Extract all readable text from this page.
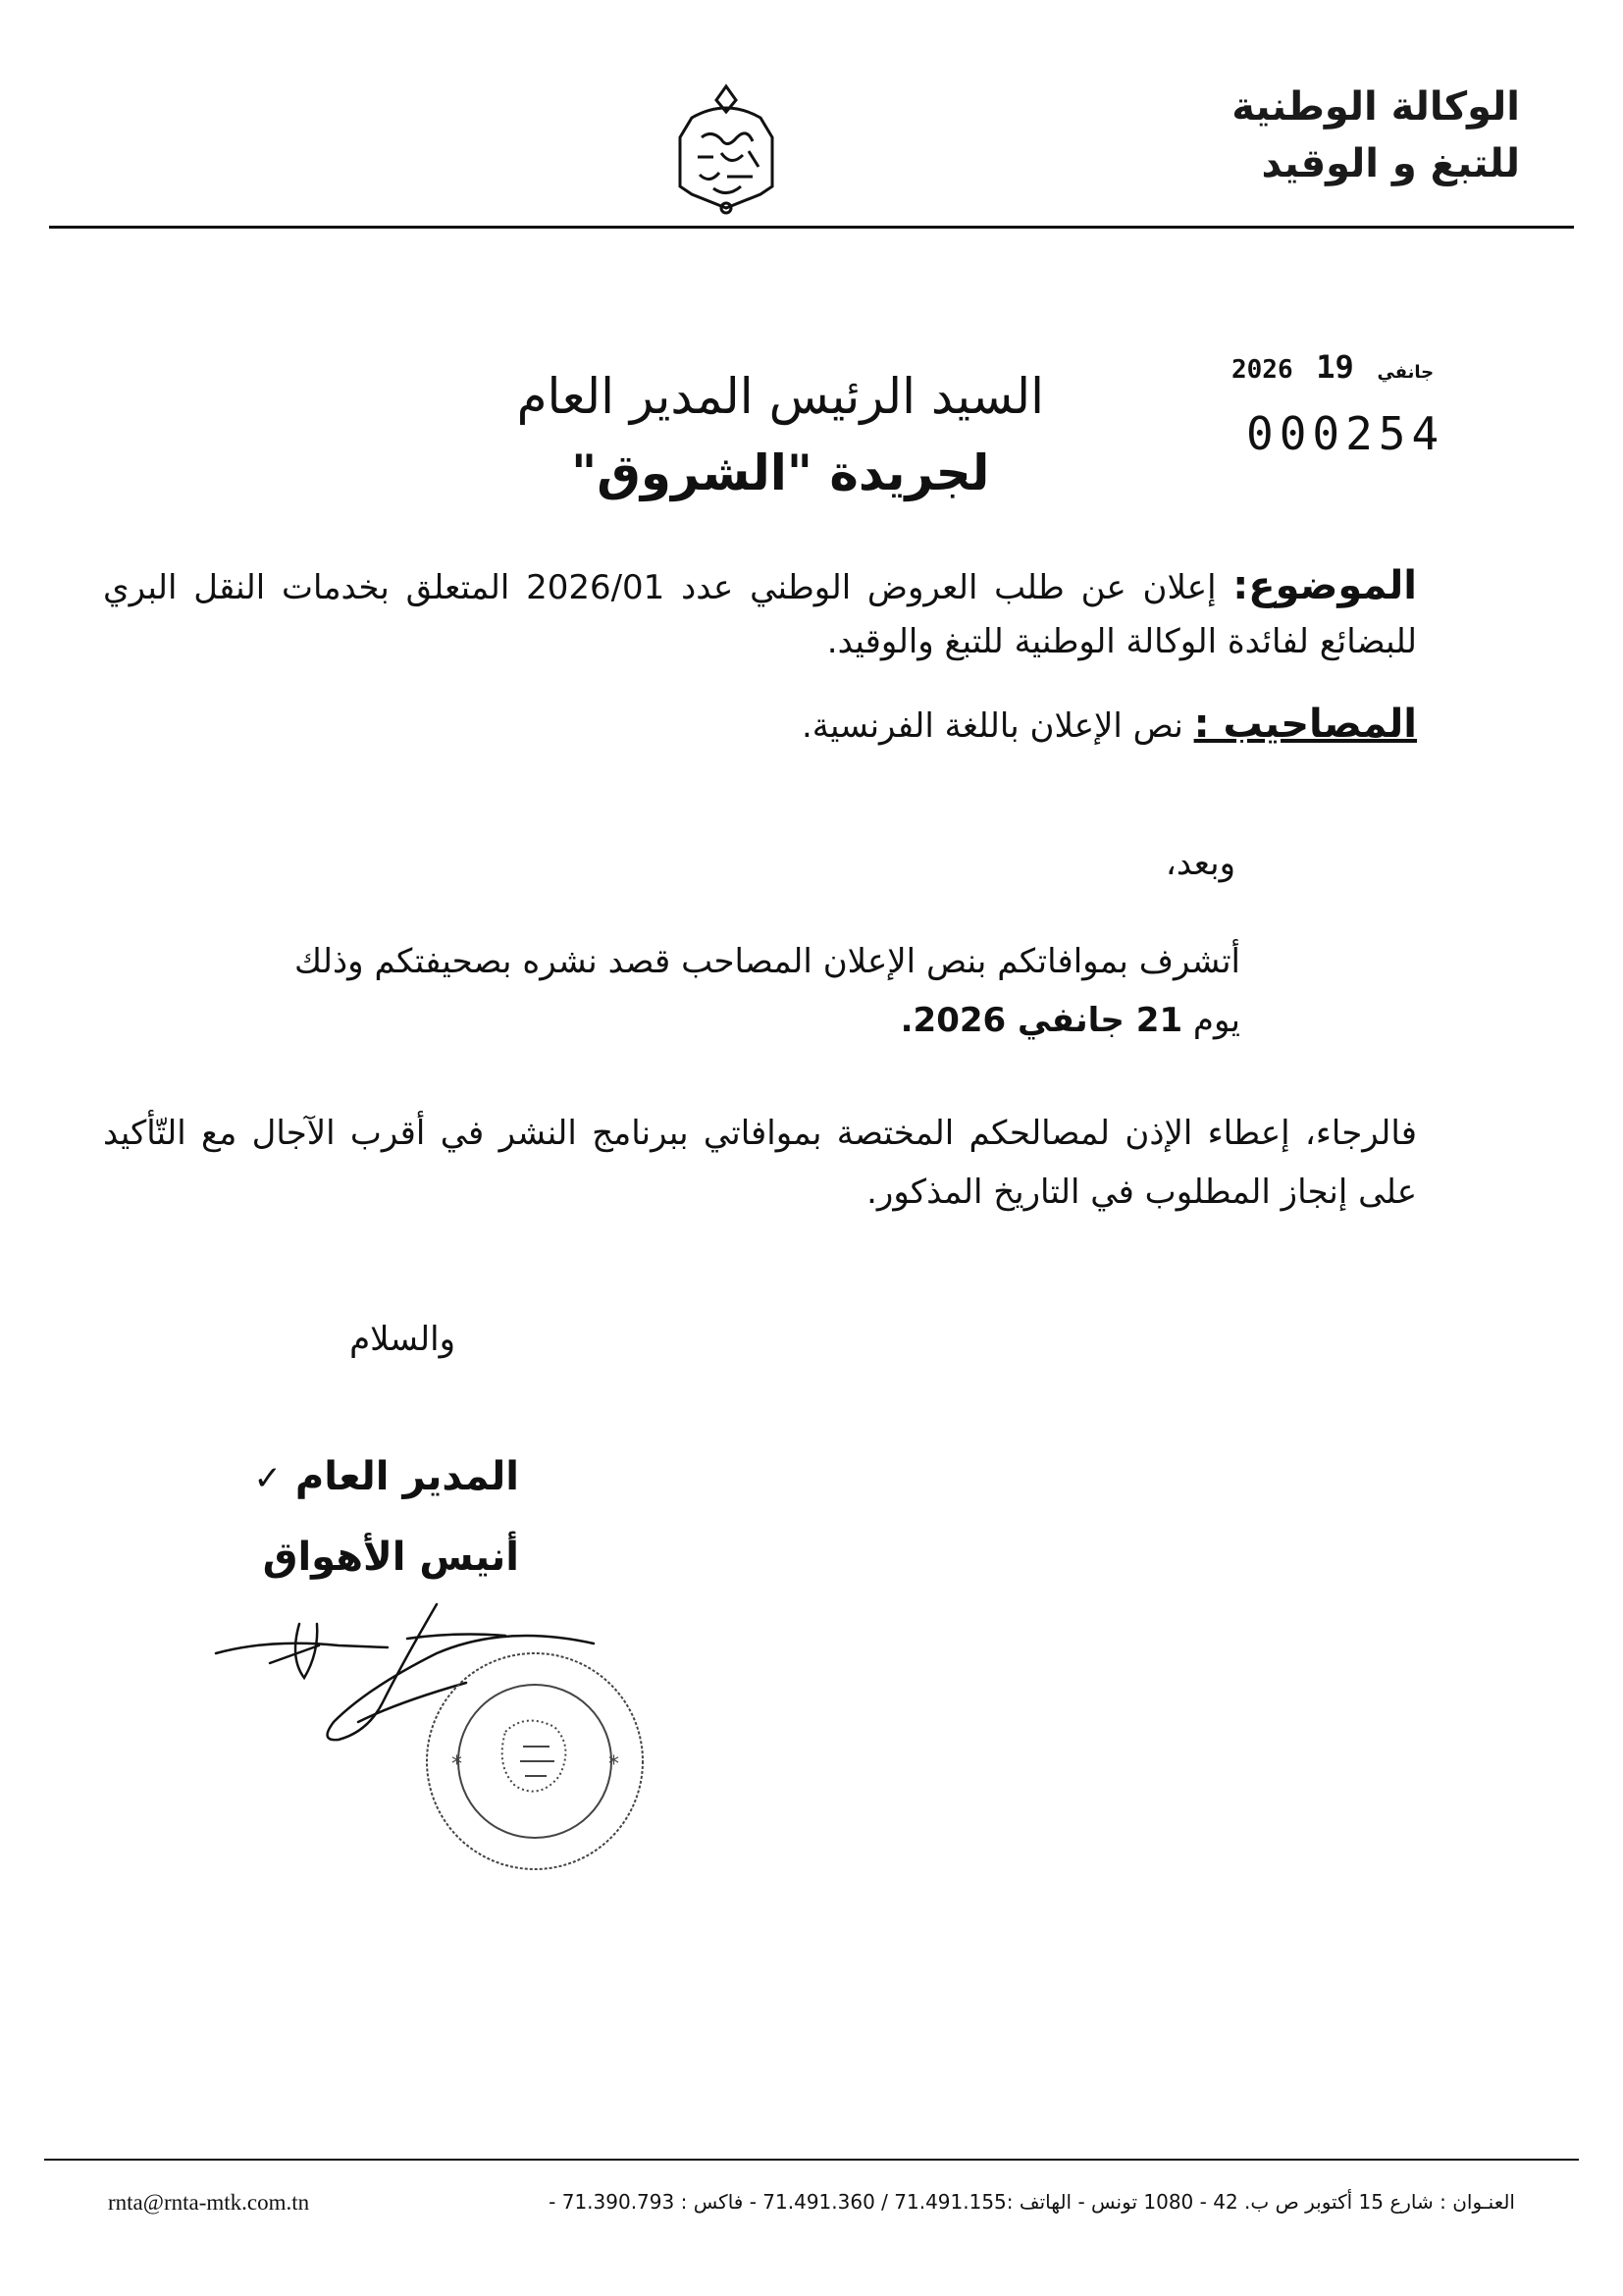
الوكالة الوطنية
للتبغ و الوقيد
2026	جانفي 19
000254
السيد الرئيس المدير العام
لجريدة "الشروق"
الموضوع: إعلان عن طلب العروض الوطني عدد 2026/01 المتعلق بخدمات النقل البري للبضائع لفائدة الوكالة الوطنية للتبغ والوقيد.
المصاحيب : نص الإعلان باللغة الفرنسية.
وبعد،
أتشرف بموافاتكم بنص الإعلان المصاحب قصد نشره بصحيفتكم وذلك يوم 21 جانفي 2026.
فالرجاء، إعطاء الإذن لمصالحكم المختصة بموافاتي ببرنامج النشر في أقرب الآجال مع التّأكيد على إنجاز المطلوب في التاريخ المذكور.
والسلام
المدير العام ✓
أنيس الأهواق
*	*
rnta@rnta-mtk.com.tn	العنـوان : شارع 15 أكتوبر ص ب. 42 - 1080 تونس - الهاتف :71.491.155 / 71.491.360 - فاكس : 71.390.793 -
